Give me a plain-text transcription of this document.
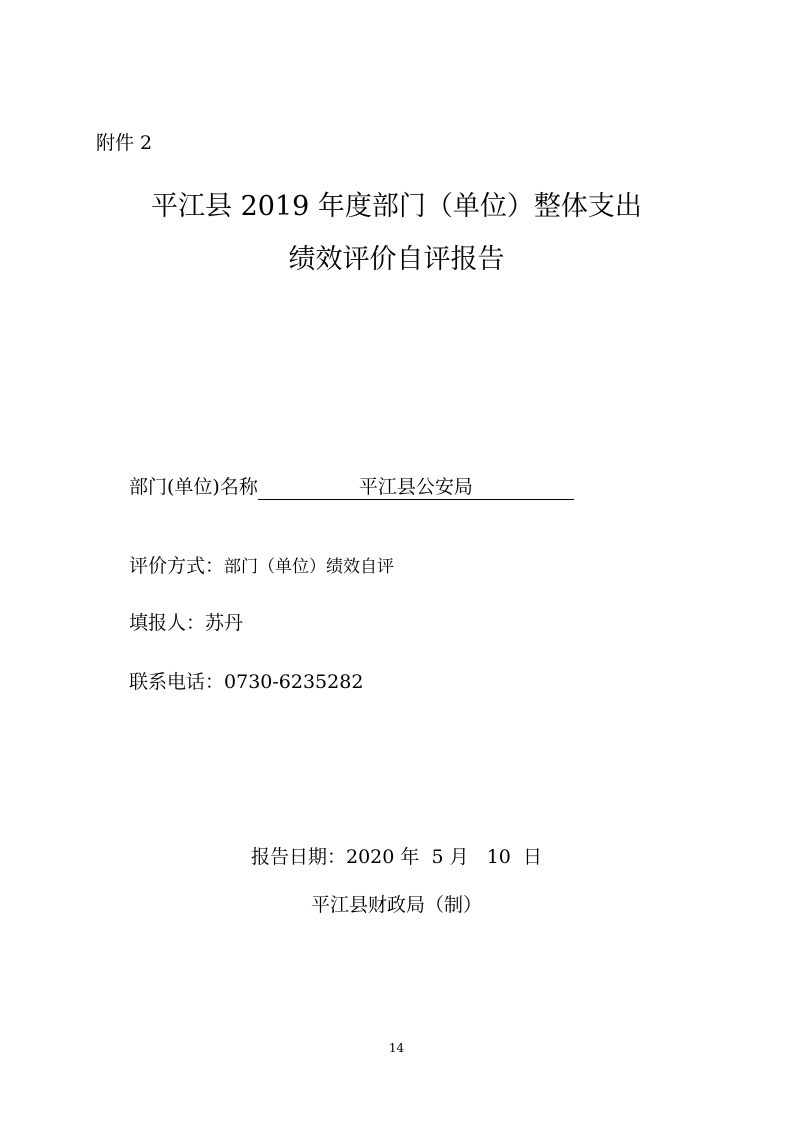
附件 2
平江县 2019 年度部门（单位）整体支出
绩效评价自评报告
部门(单位)名称	平江县公安局
评价方式：部门（单位）绩效自评
填报人：苏丹
联系电话：0730-6235282
报告日期：2020 年  5 月   10  日
平江县财政局（制）
14
